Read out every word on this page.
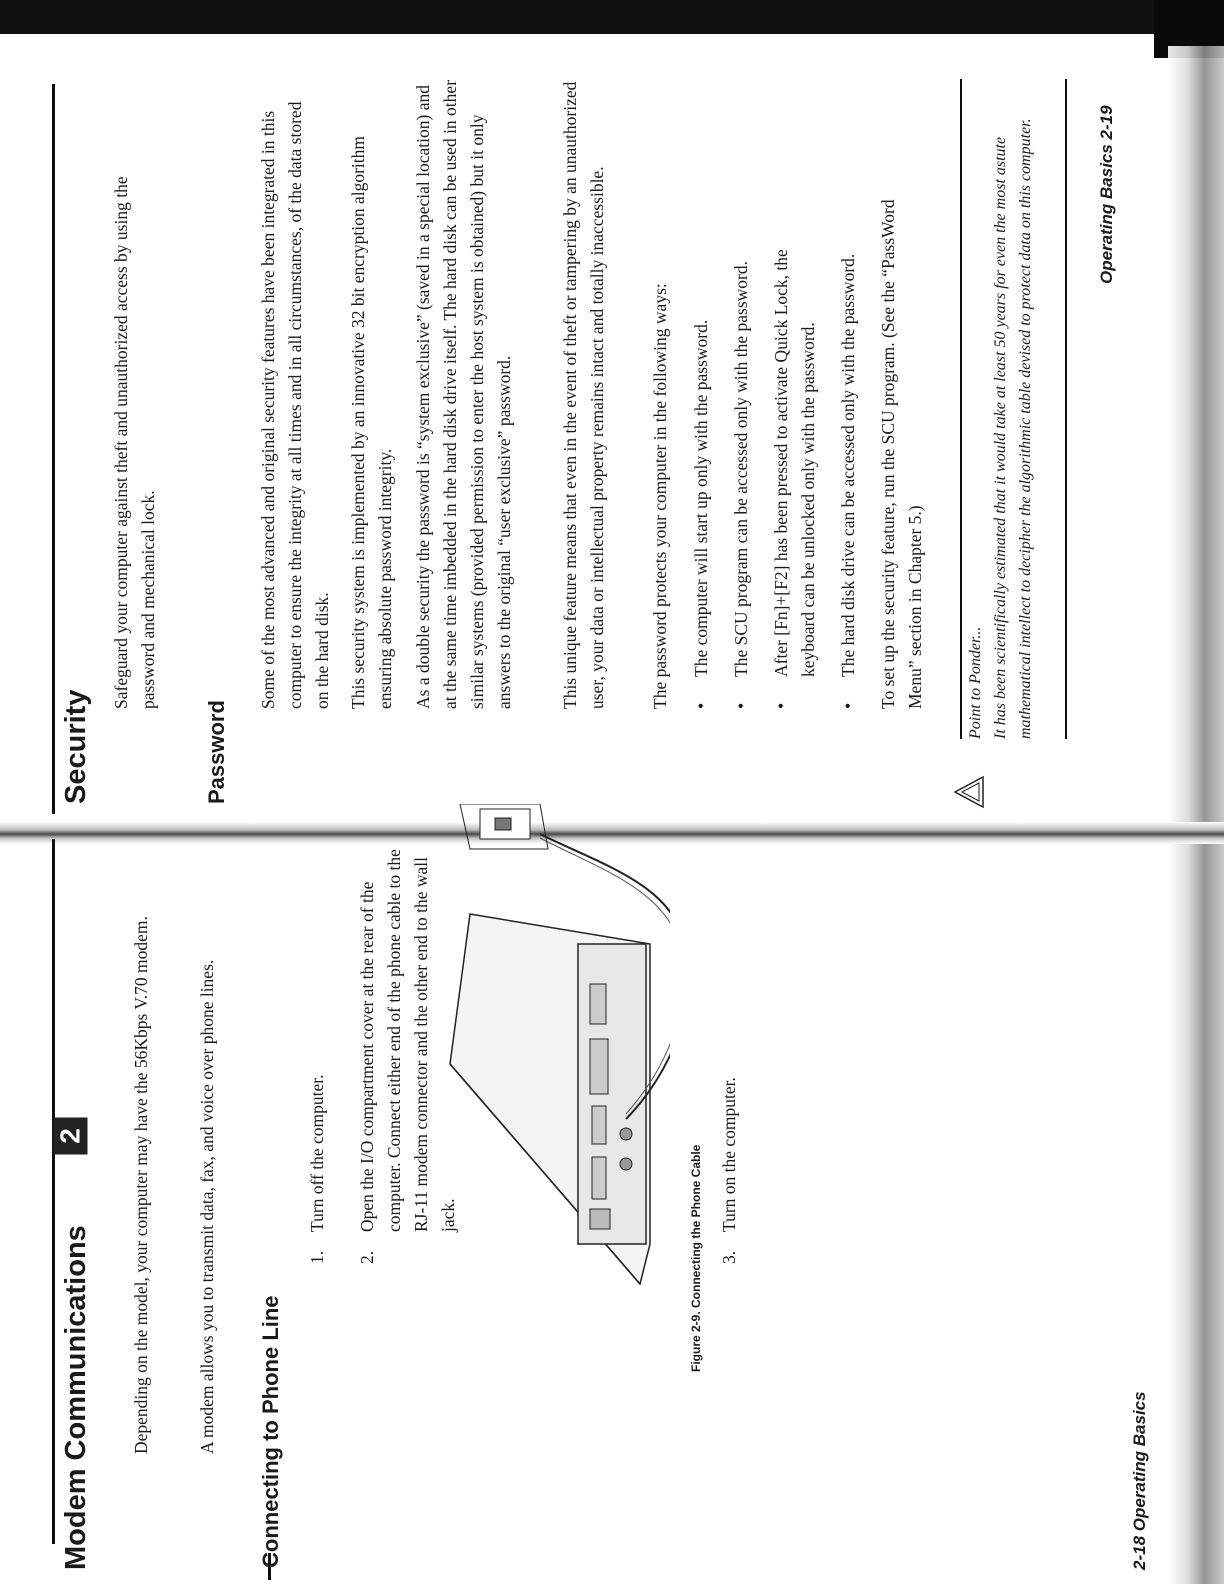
Modem Communications Depending on the model, your computer may have the 56Kbps V.70 modem.	A modem allows you to transmit data, fax, and voice over phone lines. Connecting to Phone Line
1.
Turn off the computer.
2.
Open the I/O compartment cover at the rear of the computer. Connect either end of the phone cable to the RJ-11 modem connector and the other end to the wall jack.	Figure 2-9. Connecting the Phone Cable 3.
Turn on the computer.
2-18 Operating Basics
Security
Safeguard your computer against theft and unauthorized access by using the password and mechanical lock.
Password
Some of the most advanced and original security features have been integrated in this computer to ensure the integrity at all times and in all circumstances, of the data stored on the hard disk. This security system is implemented by an innovative 32 bit encryption algorithm ensuring absolute password integrity. As a double security the password is “system exclusive” (saved in a special location) and at the same time imbedded in the hard disk drive itself. The hard disk can be used in other similar systems (provided permission to enter the host system is obtained) but it only answers to the original “user exclusive” password.	This unique feature means that even in the event of theft or tampering by an unauthorized user, your data or intellectual property remains intact and totally inaccessible. The password protects your computer in the following ways:
• The computer will start up only with the password.
• The SCU program can be accessed only with the password.
• After [Fn]+[F2] has been pressed to activate Quick Lock, the keyboard can be unlocked only with the password.
• The hard disk drive can be accessed only with the password. To set up the security feature, run the SCU program. (See the “PassWord Menu” section in Chapter 5.)	Point to Ponder... It has been scientifically estimated that it would take at least 50 years for even the most astute mathematical intellect to decipher the algorithmic table devised to protect data on this computer.	Operating Basics 2-19
2
